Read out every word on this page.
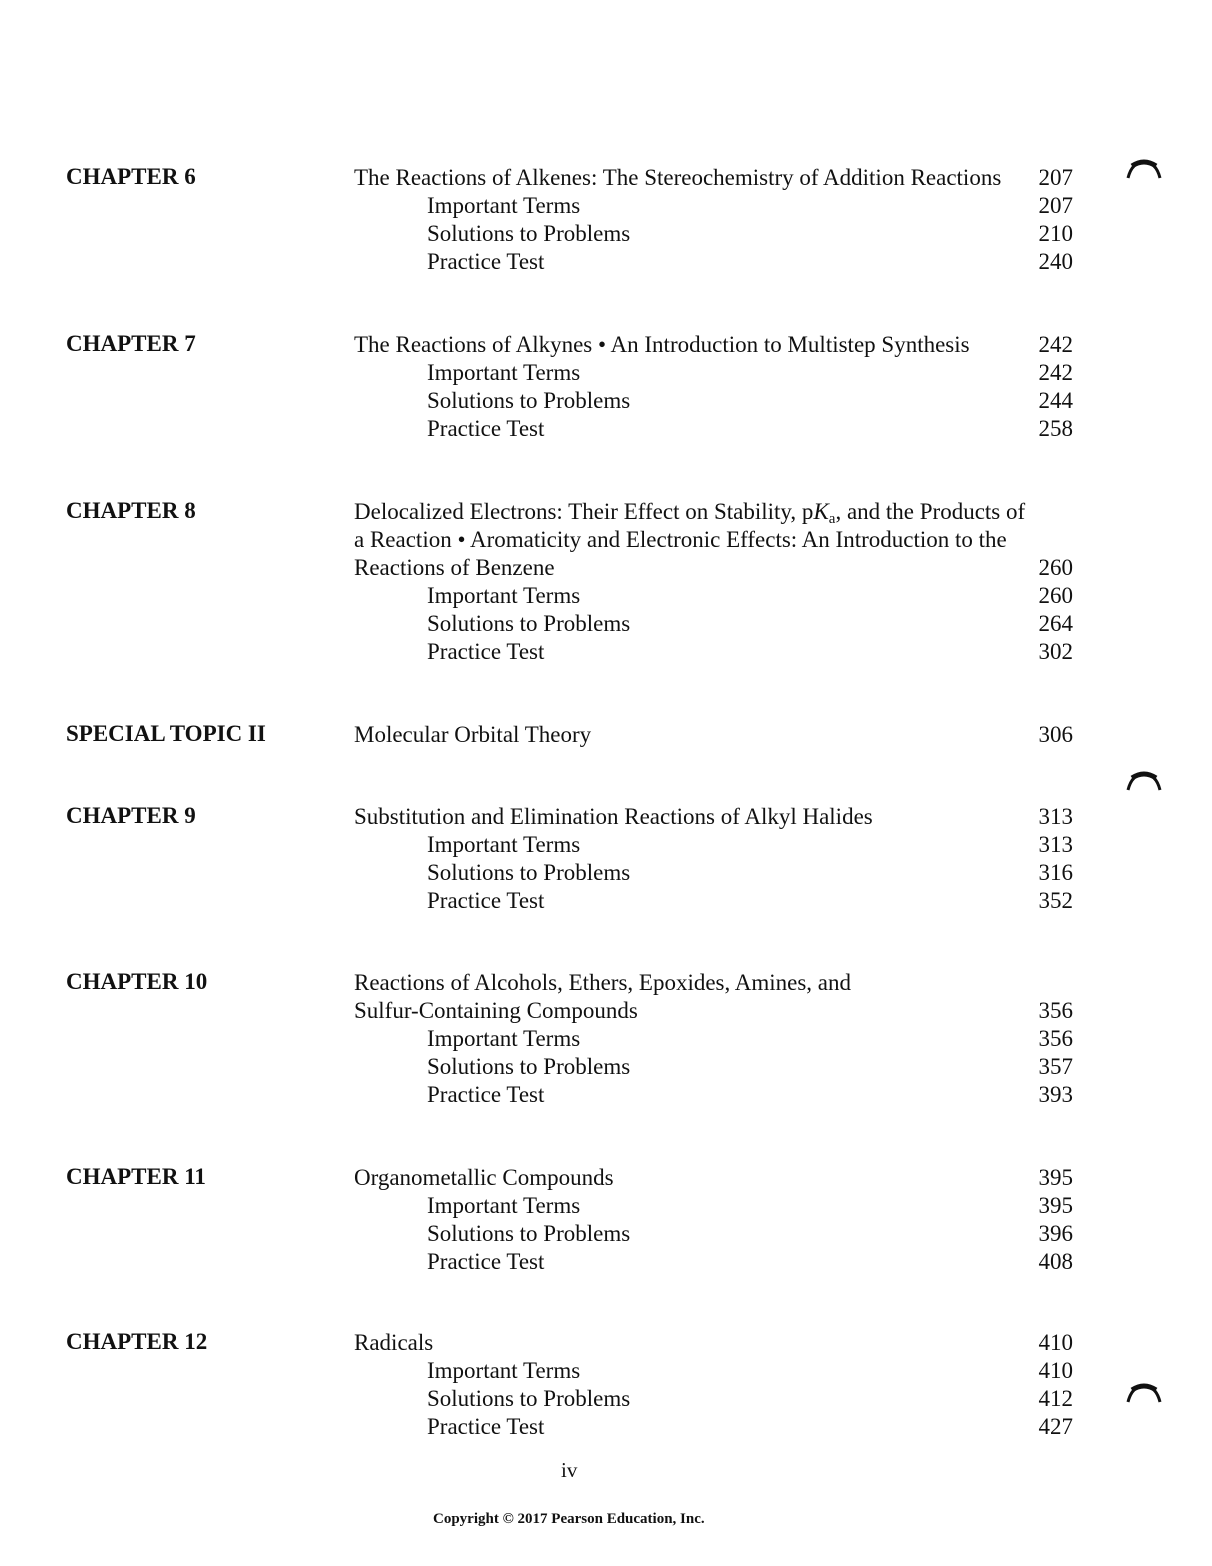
CHAPTER 6	The Reactions of Alkenes: The Stereochemistry of Addition Reactions	207
Important Terms	207
Solutions to Problems	210
Practice Test	240
CHAPTER 7	The Reactions of Alkynes • An Introduction to Multistep Synthesis	242
Important Terms	242
Solutions to Problems	244
Practice Test	258
CHAPTER 8	Delocalized Electrons: Their Effect on Stability, $pK_a$, and the Products of
a Reaction • Aromaticity and Electronic Effects: An Introduction to the
Reactions of Benzene	260
Important Terms	260
Solutions to Problems	264
Practice Test	302
SPECIAL TOPIC II	Molecular Orbital Theory	306
CHAPTER 9	Substitution and Elimination Reactions of Alkyl Halides	313
Important Terms	313
Solutions to Problems	316
Practice Test	352
CHAPTER 10	Reactions of Alcohols, Ethers, Epoxides, Amines, and
Sulfur-Containing Compounds	356
Important Terms	356
Solutions to Problems	357
Practice Test	393
CHAPTER 11	Organometallic Compounds	395
Important Terms	395
Solutions to Problems	396
Practice Test	408
CHAPTER 12	Radicals	410
Important Terms	410
Solutions to Problems	412
Practice Test	427
iv
Copyright © 2017 Pearson Education, Inc.
